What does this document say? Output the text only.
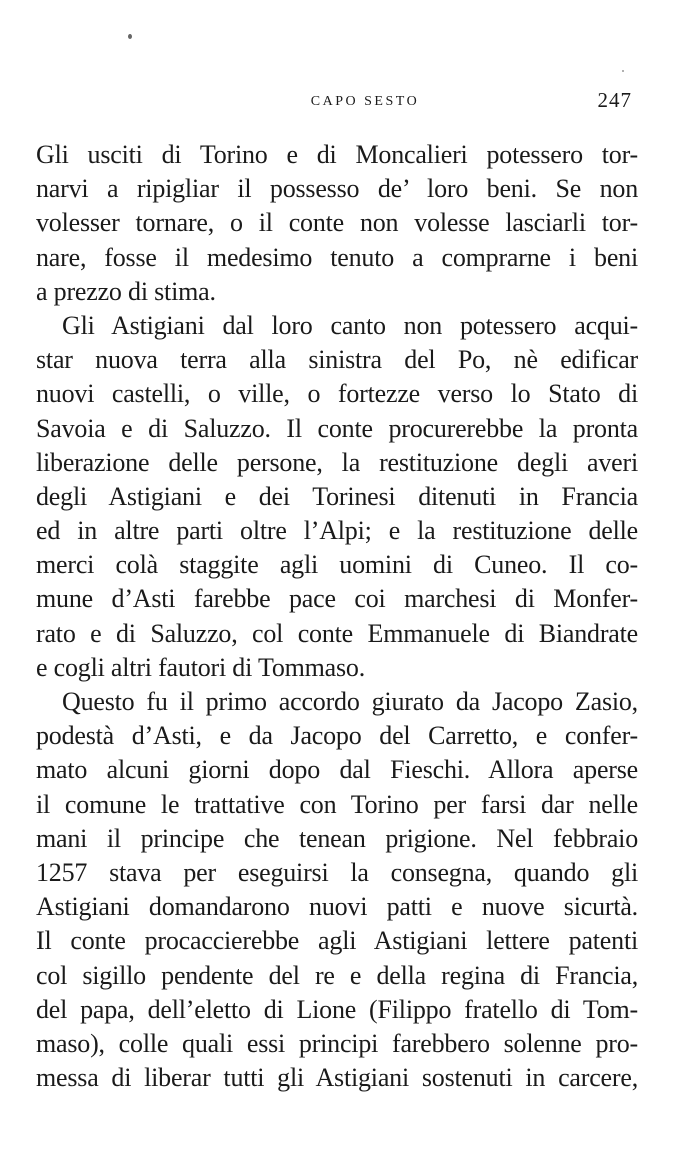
CAPO SESTO	247
Gli usciti di Torino e di Moncalieri potessero tor-
narvi a ripigliar il possesso de’ loro beni. Se non
volesser tornare, o il conte non volesse lasciarli tor-
nare, fosse il medesimo tenuto a comprarne i beni
a prezzo di stima.
Gli Astigiani dal loro canto non potessero acqui-
star nuova terra alla sinistra del Po, nè edificar
nuovi castelli, o ville, o fortezze verso lo Stato di
Savoia e di Saluzzo. Il conte procurerebbe la pronta
liberazione delle persone, la restituzione degli averi
degli Astigiani e dei Torinesi ditenuti in Francia
ed in altre parti oltre l’Alpi; e la restituzione delle
merci colà staggite agli uomini di Cuneo. Il co-
mune d’Asti farebbe pace coi marchesi di Monfer-
rato e di Saluzzo, col conte Emmanuele di Biandrate
e cogli altri fautori di Tommaso.
Questo fu il primo accordo giurato da Jacopo Zasio,
podestà d’Asti, e da Jacopo del Carretto, e confer-
mato alcuni giorni dopo dal Fieschi. Allora aperse
il comune le trattative con Torino per farsi dar nelle
mani il principe che tenean prigione. Nel febbraio
1257 stava per eseguirsi la consegna, quando gli
Astigiani domandarono nuovi patti e nuove sicurtà.
Il conte procaccierebbe agli Astigiani lettere patenti
col sigillo pendente del re e della regina di Francia,
del papa, dell’eletto di Lione (Filippo fratello di Tom-
maso), colle quali essi principi farebbero solenne pro-
messa di liberar tutti gli Astigiani sostenuti in carcere,
